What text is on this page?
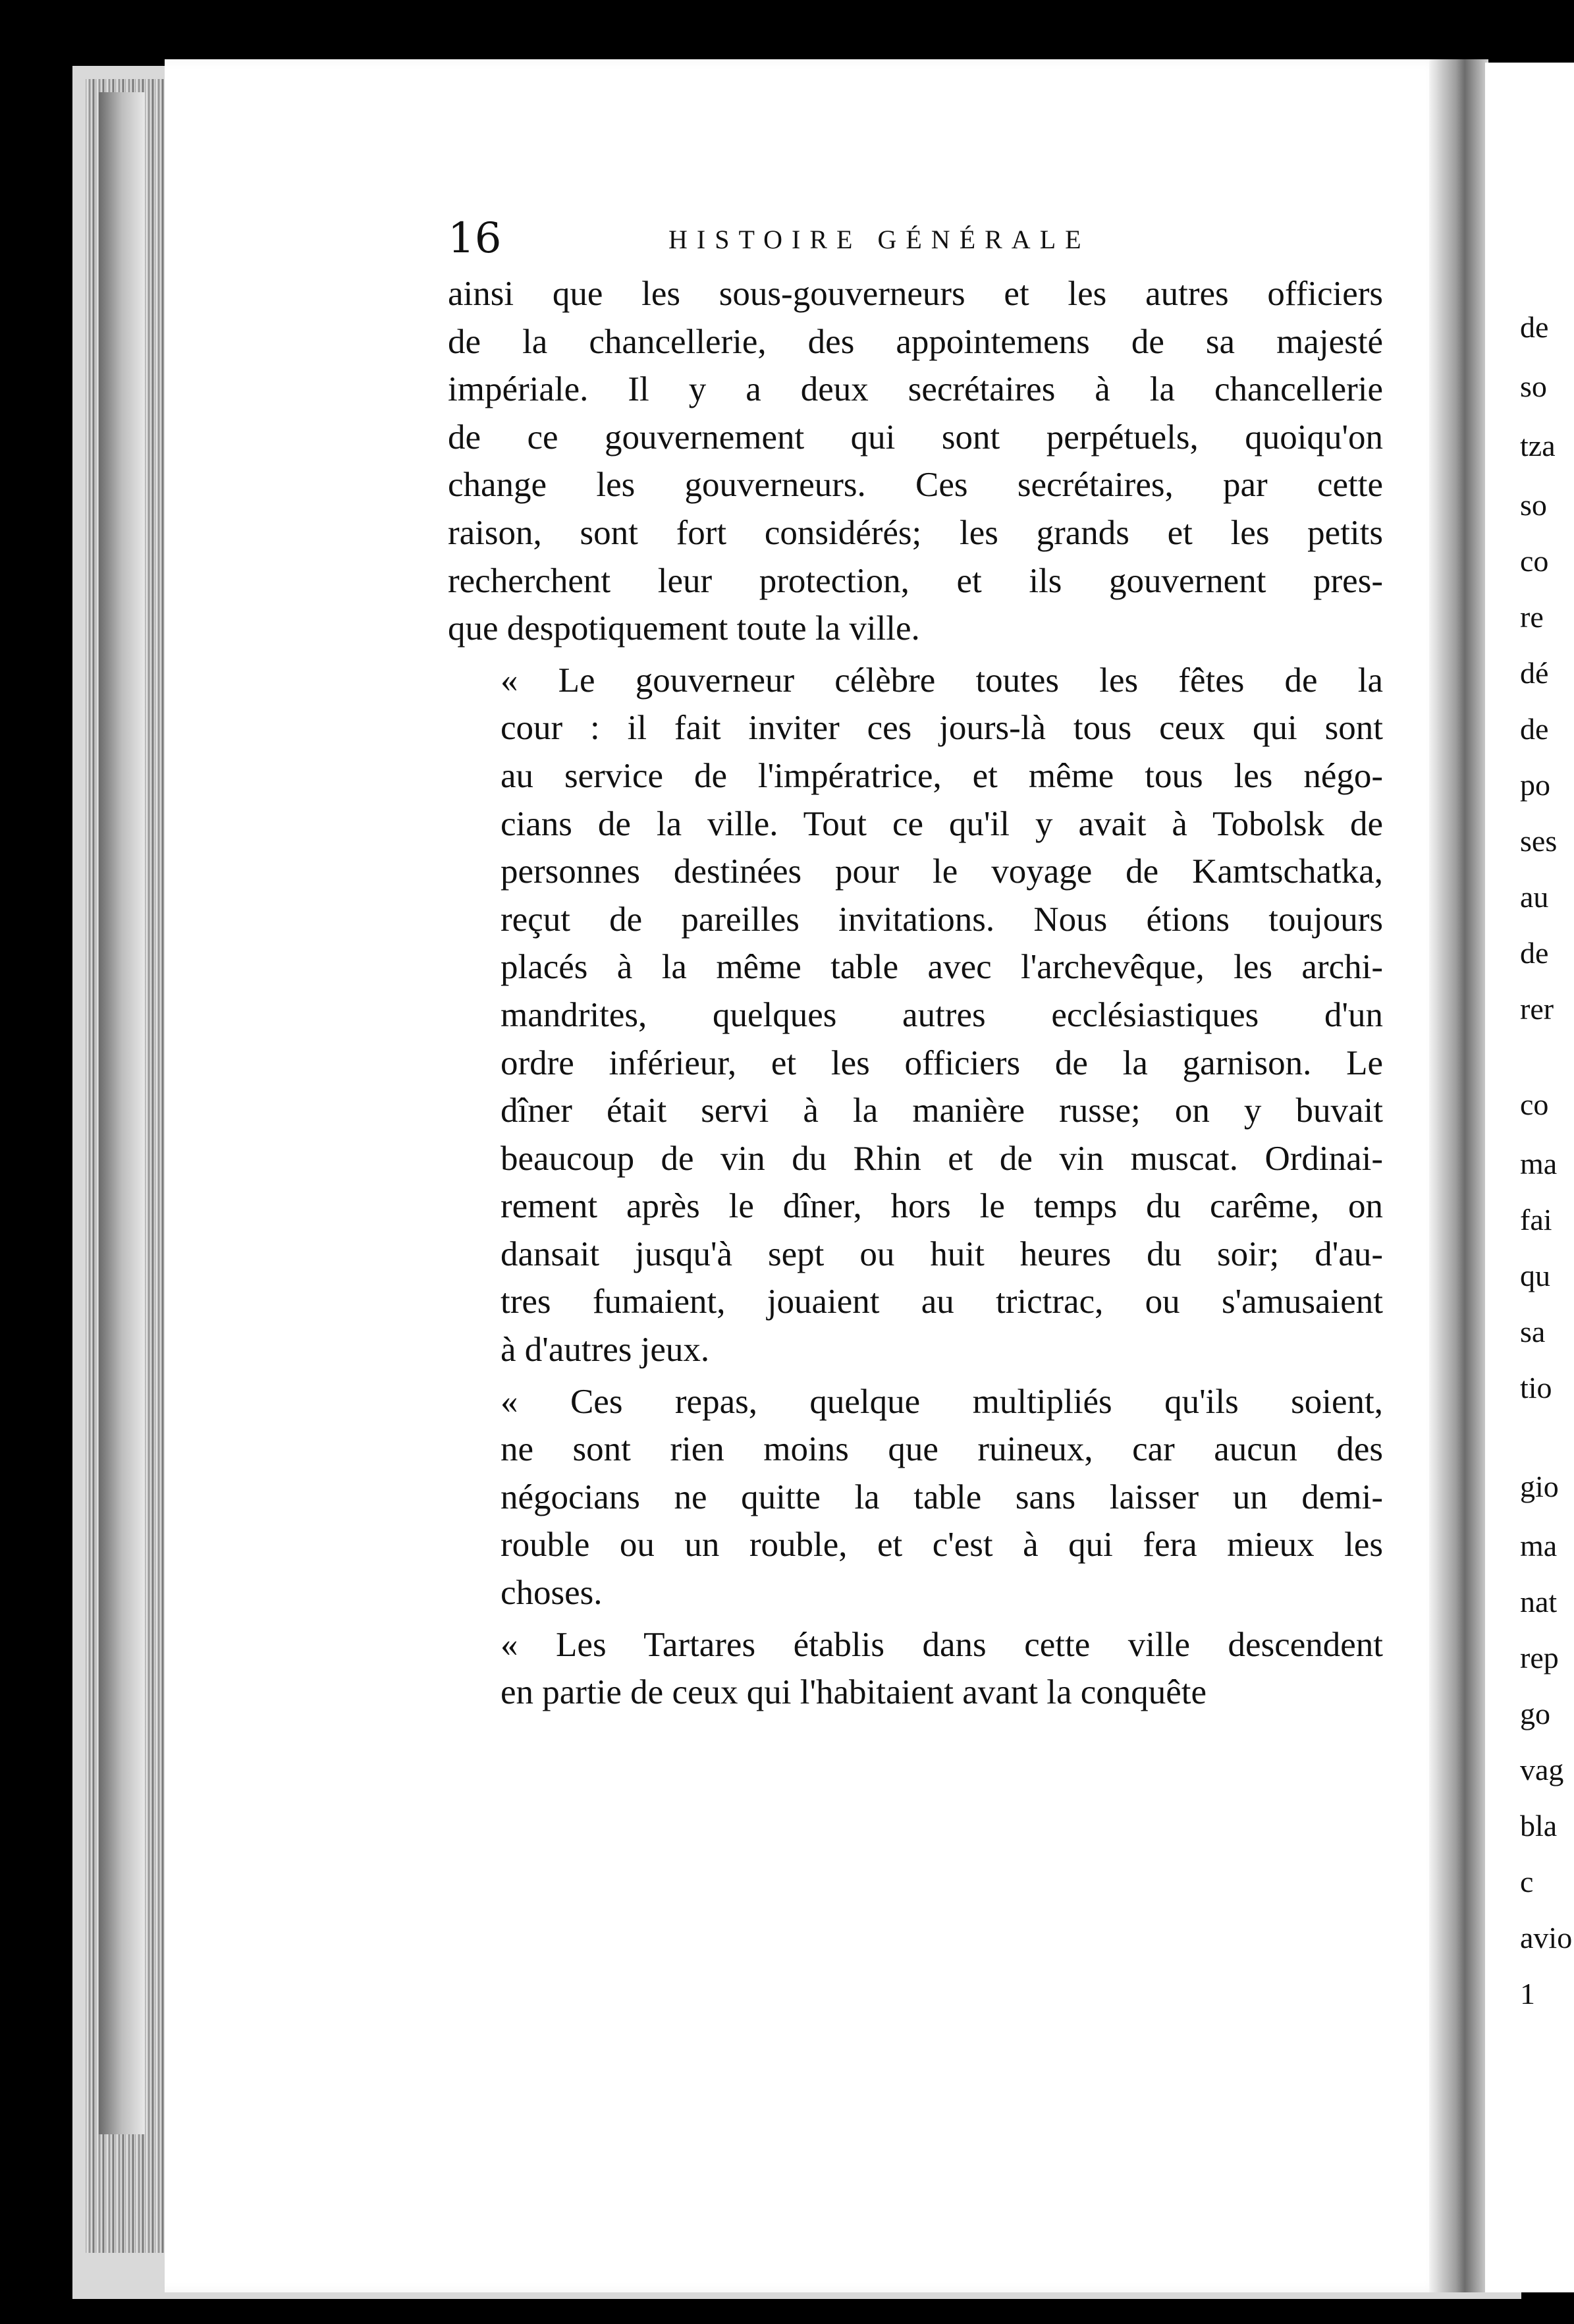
16	HISTOIRE GÉNÉRALE

ainsi que les sous-gouverneurs et les autres officiers
de la chancellerie, des appointemens de sa majesté
impériale. Il y a deux secrétaires à la chancellerie
de ce gouvernement qui sont perpétuels, quoiqu'on
change les gouverneurs. Ces secrétaires, par cette
raison, sont fort considérés; les grands et les petits
recherchent leur protection, et ils gouvernent pres-
que despotiquement toute la ville.

« Le gouverneur célèbre toutes les fêtes de la
cour : il fait inviter ces jours-là tous ceux qui sont
au service de l'impératrice, et même tous les négo-
cians de la ville. Tout ce qu'il y avait à Tobolsk de
personnes destinées pour le voyage de Kamtschatka,
reçut de pareilles invitations. Nous étions toujours
placés à la même table avec l'archevêque, les archi-
mandrites, quelques autres ecclésiastiques d'un
ordre inférieur, et les officiers de la garnison. Le
dîner était servi à la manière russe; on y buvait
beaucoup de vin du Rhin et de vin muscat. Ordinai-
rement après le dîner, hors le temps du carême, on
dansait jusqu'à sept ou huit heures du soir; d'au-
tres fumaient, jouaient au trictrac, ou s'amusaient
à d'autres jeux.

« Ces repas, quelque multipliés qu'ils soient,
ne sont rien moins que ruineux, car aucun des
négocians ne quitte la table sans laisser un demi-
rouble ou un rouble, et c'est à qui fera mieux les
choses.

« Les Tartares établis dans cette ville descendent
en partie de ceux qui l'habitaient avant la conquête

de
so
tza
so
co
re
dé
de
po
ses
au
de
rer
co
ma
fai
qu
sa
tio
gio
ma
nat
rep
go
vag
bla
c
avio
1
